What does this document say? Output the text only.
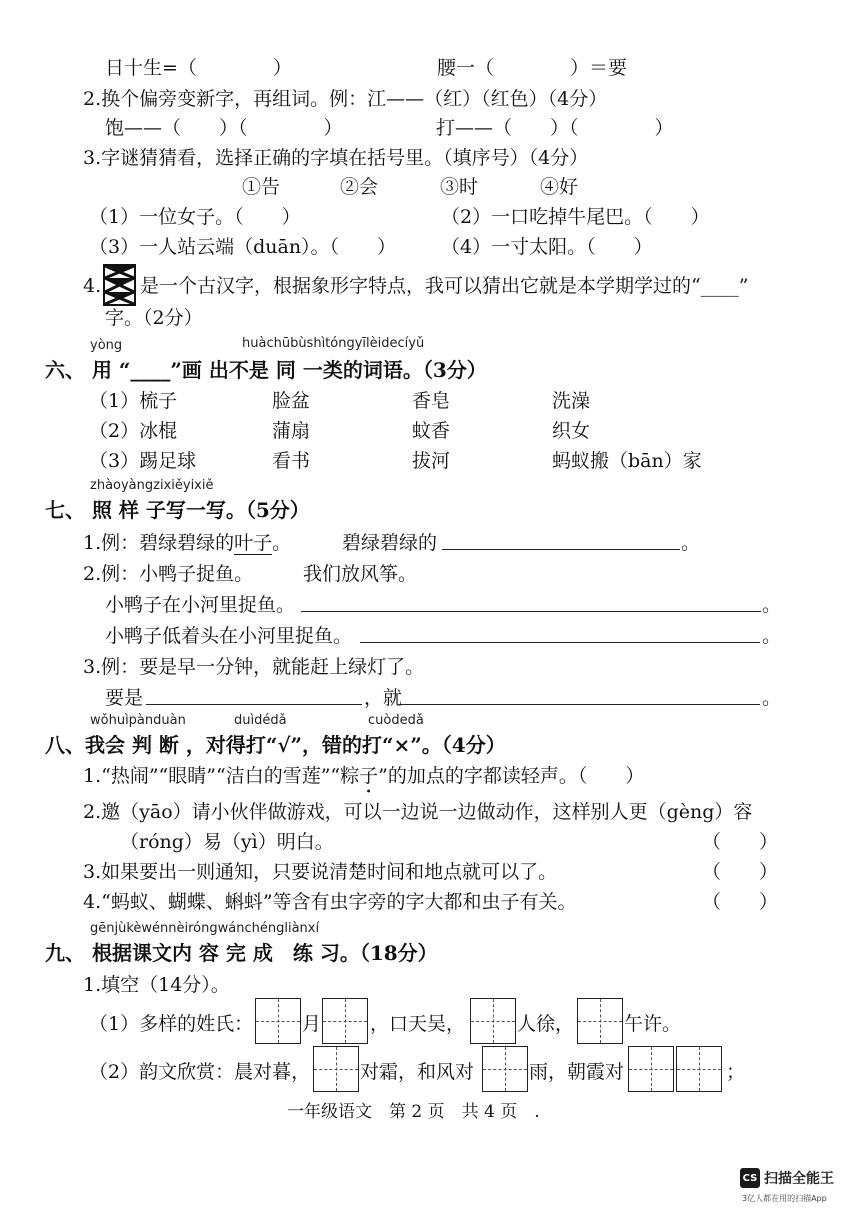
日十生=（　　　　）	腰一（　　　　）＝要
2.换个偏旁变新字，再组词。例：江——（红）（红色）（4分）
饱——（　　）（　　　　）	打——（　　）（　　　　）
3.字谜猜猜看，选择正确的字填在括号里。（填序号）（4分）
①告	②会	③时	④好
（1）一位女子。（　　）	（2）一口吃掉牛尾巴。（　　）
（3）一人站云端（duān）。（　　） （4）一寸太阳。（　　）
4. 是一个古汉字，根据象形字特点，我可以猜出它就是本学期学过的“____”
字。（2分）
yòng	huàchūbùshìtóngyīlèidecíyǔ
六、 用 “____”画 出不是 同 一类的词语。（3分）
（1）梳子	脸盆	香皂	洗澡
（2）冰棍	蒲扇	蚊香	织女
（3）踢足球	看书	拔河	蚂蚁搬（bān）家
zhàoyàngzixiěyixiě
七、 照 样 子写一写。（5分）
1.例：碧绿碧绿的叶子。	碧绿碧绿的	。
2.例：小鸭子捉鱼。	我们放风筝。
小鸭子在小河里捉鱼。	。
小鸭子低着头在小河里捉鱼。	。
3.例：要是早一分钟，就能赶上绿灯了。
要是	，就	。
wǒhuìpànduàn	duìdédǎ	cuòdedǎ
八、我会 判 断 ，对得打“√”，错的打“×”。（4分）
1.“热闹”“眼睛”“洁白的雪莲”“粽子”的加点的字都读轻声。（　　）
2.邀（yāo）请小伙伴做游戏，可以一边说一边做动作，这样别人更（gèng）容
（róng）易（yì）明白。	（　　）
3.如果要出一则通知，只要说清楚时间和地点就可以了。	（　　）
4.“蚂蚁、蝴蝶、蝌蚪”等含有虫字旁的字大都和虫子有关。	（　　）
gēnjùkèwénnèiróngwánchéngliànxí
九、 根据课文内 容 完 成　练 习。（18分）
1.填空（14分）。
（1）多样的姓氏：	月	，口天吴，	人徐，	午许。
（2）韵文欣赏：晨对暮，	对霜，和风对	雨，朝霞对	；
一年级语文　第 2 页　共 4 页　.
CS 扫描全能王
3亿人都在用的扫描App
